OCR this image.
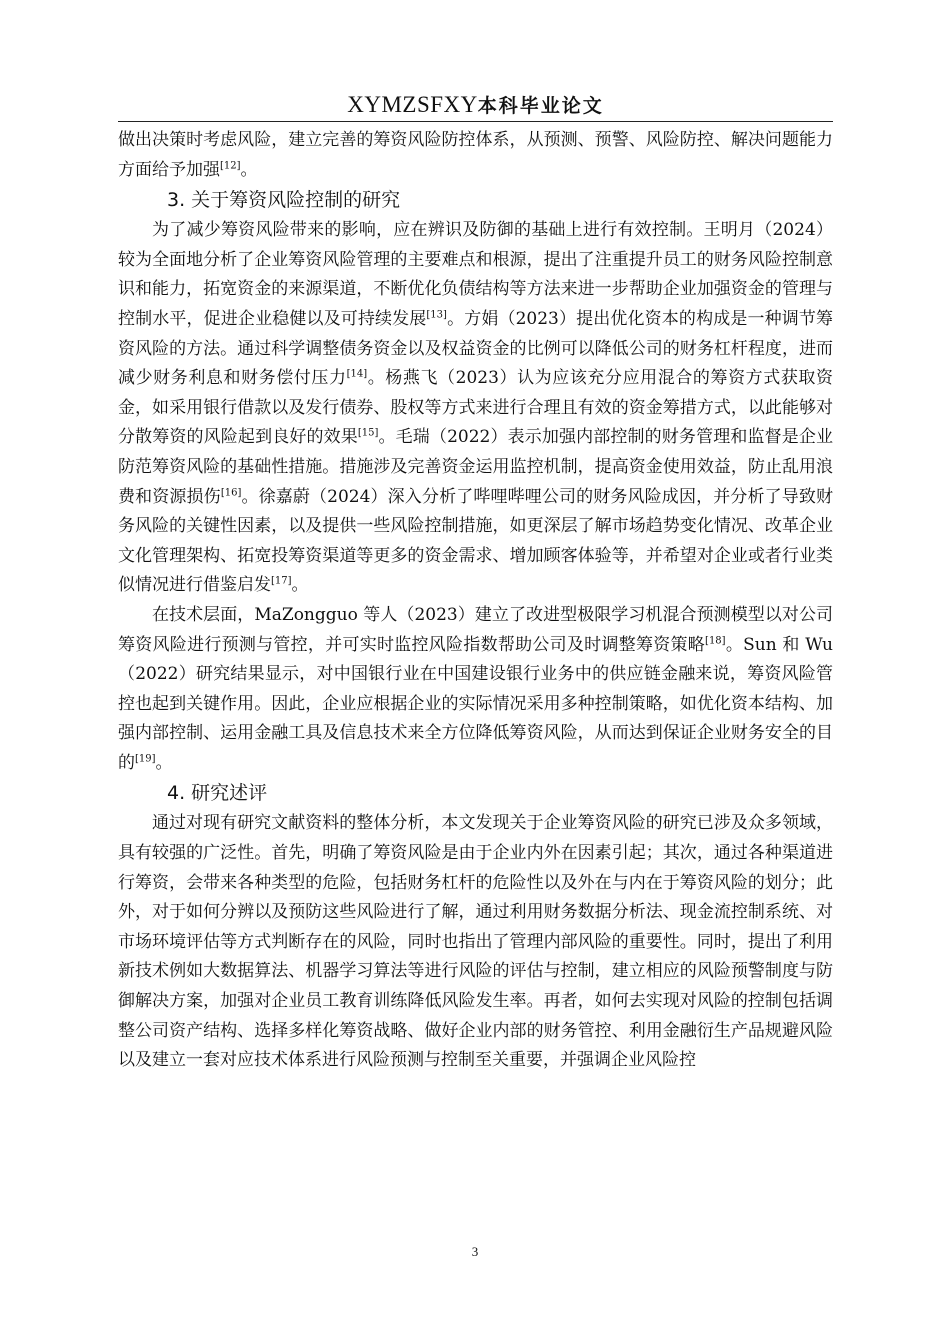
XYMZSFXY本科毕业论文

做出决策时考虑风险，建立完善的筹资风险防控体系，从预测、预警、风险防控、解决问题能力方面给予加强[12]。

3. 关于筹资风险控制的研究

为了减少筹资风险带来的影响，应在辨识及防御的基础上进行有效控制。王明月（2024）较为全面地分析了企业筹资风险管理的主要难点和根源，提出了注重提升员工的财务风险控制意识和能力，拓宽资金的来源渠道，不断优化负债结构等方法来进一步帮助企业加强资金的管理与控制水平，促进企业稳健以及可持续发展[13]。方娟（2023）提出优化资本的构成是一种调节筹资风险的方法。通过科学调整债务资金以及权益资金的比例可以降低公司的财务杠杆程度，进而减少财务利息和财务偿付压力[14]。杨燕飞（2023）认为应该充分应用混合的筹资方式获取资金，如采用银行借款以及发行债券、股权等方式来进行合理且有效的资金筹措方式，以此能够对分散筹资的风险起到良好的效果[15]。毛瑞（2022）表示加强内部控制的财务管理和监督是企业防范筹资风险的基础性措施。措施涉及完善资金运用监控机制，提高资金使用效益，防止乱用浪费和资源损伤[16]。徐嘉蔚（2024）深入分析了哔哩哔哩公司的财务风险成因，并分析了导致财务风险的关键性因素，以及提供一些风险控制措施，如更深层了解市场趋势变化情况、改革企业文化管理架构、拓宽投筹资渠道等更多的资金需求、增加顾客体验等，并希望对企业或者行业类似情况进行借鉴启发[17]。

在技术层面，MaZongguo 等人（2023）建立了改进型极限学习机混合预测模型以对公司筹资风险进行预测与管控，并可实时监控风险指数帮助公司及时调整筹资策略[18]。Sun 和 Wu（2022）研究结果显示，对中国银行业在中国建设银行业务中的供应链金融来说，筹资风险管控也起到关键作用。因此，企业应根据企业的实际情况采用多种控制策略，如优化资本结构、加强内部控制、运用金融工具及信息技术来全方位降低筹资风险，从而达到保证企业财务安全的目的[19]。

4. 研究述评

通过对现有研究文献资料的整体分析，本文发现关于企业筹资风险的研究已涉及众多领域，具有较强的广泛性。首先，明确了筹资风险是由于企业内外在因素引起；其次，通过各种渠道进行筹资，会带来各种类型的危险，包括财务杠杆的危险性以及外在与内在于筹资风险的划分；此外，对于如何分辨以及预防这些风险进行了解，通过利用财务数据分析法、现金流控制系统、对市场环境评估等方式判断存在的风险，同时也指出了管理内部风险的重要性。同时，提出了利用新技术例如大数据算法、机器学习算法等进行风险的评估与控制，建立相应的风险预警制度与防御解决方案，加强对企业员工教育训练降低风险发生率。再者，如何去实现对风险的控制包括调整公司资产结构、选择多样化筹资战略、做好企业内部的财务管控、利用金融衍生产品规避风险以及建立一套对应技术体系进行风险预测与控制至关重要，并强调企业风险控

3
